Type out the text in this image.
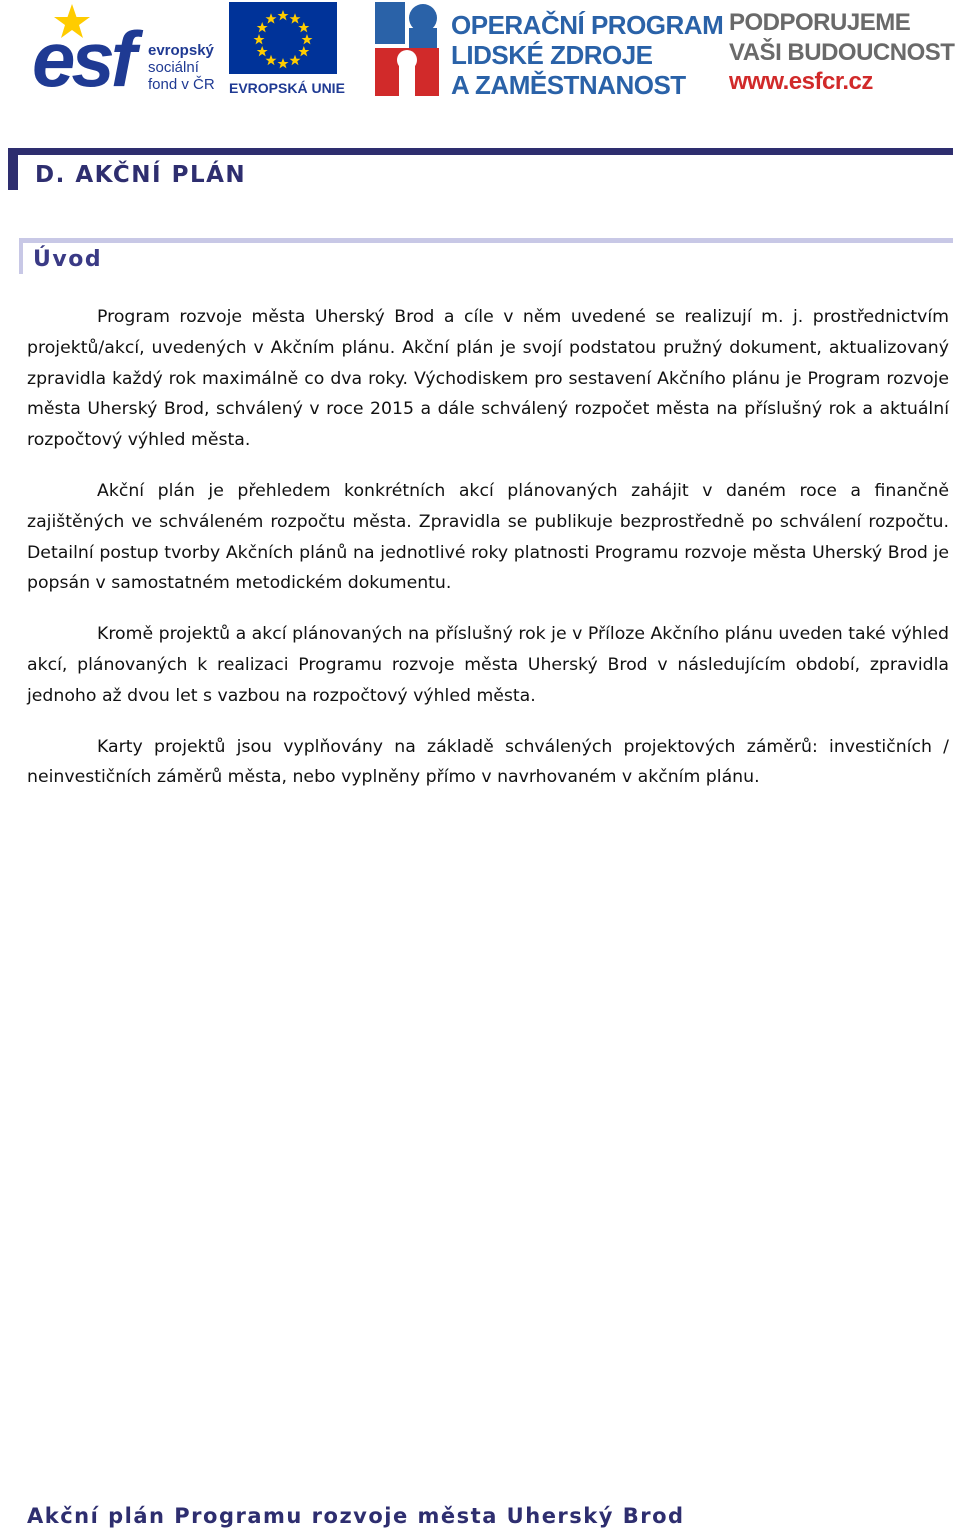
esf evropský
sociální
fond v ČR EVROPSKÁ UNIE
OPERAČNÍ PROGRAM
LIDSKÉ ZDROJE
A ZAMĚSTNANOST
PODPORUJEME
VAŠI BUDOUCNOST
www.esfcr.cz
D. AKČNÍ PLÁN
Úvod

Program rozvoje města Uherský Brod a cíle v něm uvedené se realizují m. j. prostřednictvím projektů/akcí, uvedených v Akčním plánu. Akční plán je svojí podstatou pružný dokument, aktualizovaný zpravidla každý rok maximálně co dva roky. Východiskem pro sestavení Akčního plánu je Program rozvoje města Uherský Brod, schválený v roce 2015 a dále schválený rozpočet města na příslušný rok a aktuální rozpočtový výhled města.

Akční plán je přehledem konkrétních akcí plánovaných zahájit v daném roce a finančně zajištěných ve schváleném rozpočtu města. Zpravidla se publikuje bezprostředně po schválení rozpočtu. Detailní postup tvorby Akčních plánů na jednotlivé roky platnosti Programu rozvoje města Uherský Brod je popsán v samostatném metodickém dokumentu.

Kromě projektů a akcí plánovaných na příslušný rok je v Příloze Akčního plánu uveden také výhled akcí, plánovaných k realizaci Programu rozvoje města Uherský Brod v následujícím období, zpravidla jednoho až dvou let s vazbou na rozpočtový výhled města.

Karty projektů jsou vyplňovány na základě schválených projektových záměrů: investičních / neinvestičních záměrů města, nebo vyplněny přímo v navrhovaném v akčním plánu.

Akční plán Programu rozvoje města Uherský Brod
